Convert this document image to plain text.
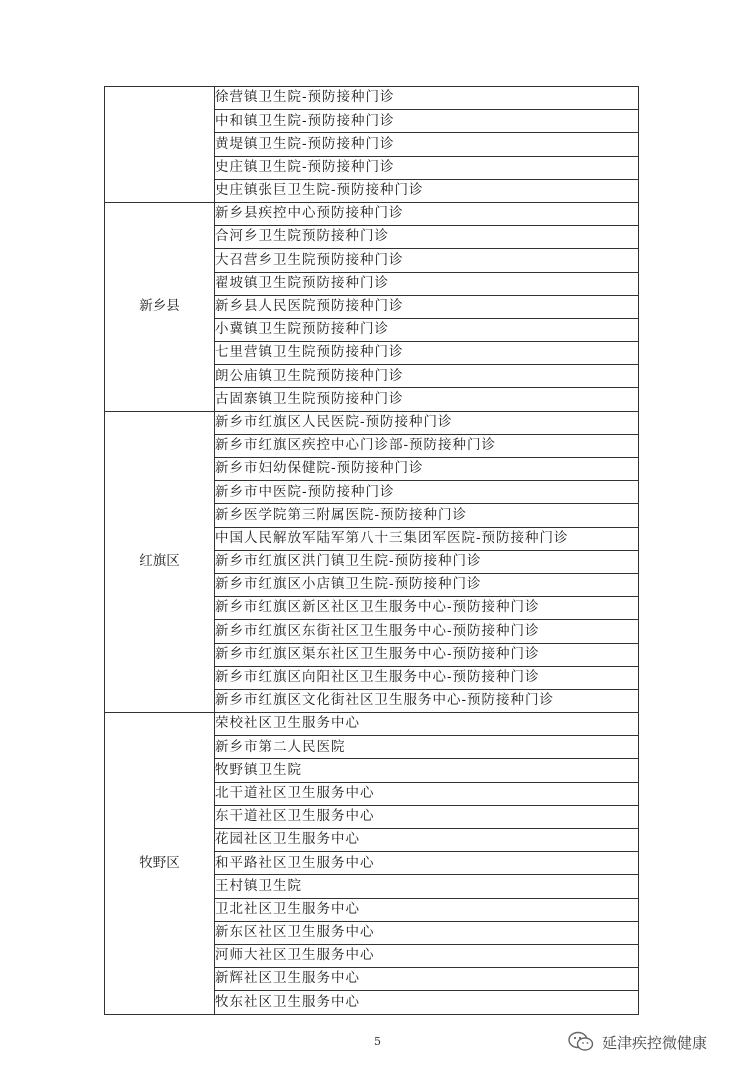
	徐营镇卫生院-预防接种门诊
	中和镇卫生院-预防接种门诊
	黄堤镇卫生院-预防接种门诊
	史庄镇卫生院-预防接种门诊
	史庄镇张巨卫生院-预防接种门诊
新乡县	新乡县疾控中心预防接种门诊
	合河乡卫生院预防接种门诊
	大召营乡卫生院预防接种门诊
	翟坡镇卫生院预防接种门诊
	新乡县人民医院预防接种门诊
	小冀镇卫生院预防接种门诊
	七里营镇卫生院预防接种门诊
	朗公庙镇卫生院预防接种门诊
	古固寨镇卫生院预防接种门诊
红旗区	新乡市红旗区人民医院-预防接种门诊
	新乡市红旗区疾控中心门诊部-预防接种门诊
	新乡市妇幼保健院-预防接种门诊
	新乡市中医院-预防接种门诊
	新乡医学院第三附属医院-预防接种门诊
	中国人民解放军陆军第八十三集团军医院-预防接种门诊
	新乡市红旗区洪门镇卫生院-预防接种门诊
	新乡市红旗区小店镇卫生院-预防接种门诊
	新乡市红旗区新区社区卫生服务中心-预防接种门诊
	新乡市红旗区东街社区卫生服务中心-预防接种门诊
	新乡市红旗区渠东社区卫生服务中心-预防接种门诊
	新乡市红旗区向阳社区卫生服务中心-预防接种门诊
	新乡市红旗区文化街社区卫生服务中心-预防接种门诊
牧野区	荣校社区卫生服务中心
	新乡市第二人民医院
	牧野镇卫生院
	北干道社区卫生服务中心
	东干道社区卫生服务中心
	花园社区卫生服务中心
	和平路社区卫生服务中心
	王村镇卫生院
	卫北社区卫生服务中心
	新东区社区卫生服务中心
	河师大社区卫生服务中心
	新辉社区卫生服务中心
	牧东社区卫生服务中心
5	延津疾控微健康
